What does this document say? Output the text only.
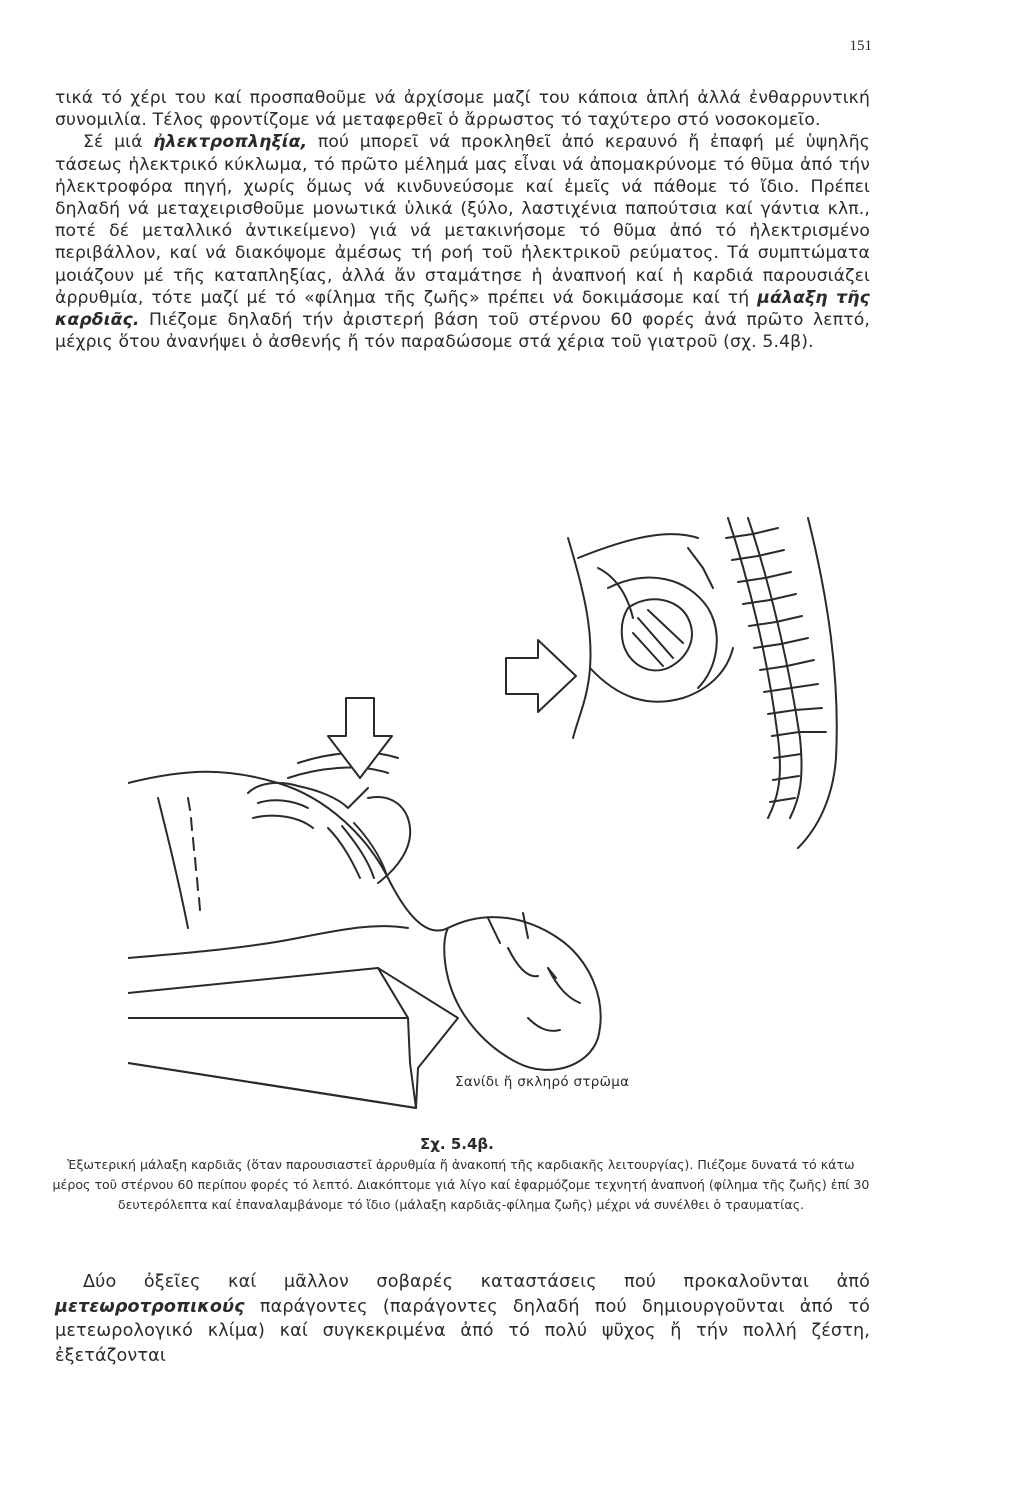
151

τικά τό χέρι του καί προσπαθοῦμε νά ἀρχίσομε μαζί του κάποια ἁπλή ἀλλά ἐνθαρρυντική συνομιλία. Τέλος φροντίζομε νά μεταφερθεῖ ὁ ἄρρωστος τό ταχύτερο στό νοσοκομεῖο.

Σέ μιά ἠλεκτροπληξία, πού μπορεῖ νά προκληθεῖ ἀπό κεραυνό ἤ ἐπαφή μέ ὑψηλῆς τάσεως ἠλεκτρικό κύκλωμα, τό πρῶτο μέλημά μας εἶναι νά ἀπομακρύνομε τό θῦμα ἀπό τήν ἠλεκτροφόρα πηγή, χωρίς ὅμως νά κινδυνεύσομε καί ἐμεῖς νά πάθομε τό ἴδιο. Πρέπει δηλαδή νά μεταχειρισθοῦμε μονωτικά ὑλικά (ξύλο, λαστιχένια παπούτσια καί γάντια κλπ., ποτέ δέ μεταλλικό ἀντικείμενο) γιά νά μετακινήσομε τό θῦμα ἀπό τό ἠλεκτρισμένο περιβάλλον, καί νά διακόψομε ἀμέσως τή ροή τοῦ ἠλεκτρικοῦ ρεύματος. Τά συμπτώματα μοιάζουν μέ τῆς καταπληξίας, ἀλλά ἄν σταμάτησε ἡ ἀναπνοή καί ἡ καρδιά παρουσιάζει ἀρρυθμία, τότε μαζί μέ τό «φίλημα τῆς ζωῆς» πρέπει νά δοκιμάσομε καί τή μάλαξη τῆς καρδιᾶς. Πιέζομε δηλαδή τήν ἀριστερή βάση τοῦ στέρνου 60 φορές ἀνά πρῶτο λεπτό, μέχρις ὅτου ἀνανήψει ὁ ἀσθενής ἤ τόν παραδώσομε στά χέρια τοῦ γιατροῦ (σχ. 5.4β).

Σανίδι ἤ σκληρό στρῶμα
Σχ. 5.4β.
Ἐξωτερική μάλαξη καρδιᾶς (ὅταν παρουσιαστεῖ ἀρρυθμία ἤ ἀνακοπή τῆς καρδιακῆς λειτουργίας). Πιέζομε δυνατά τό κάτω μέρος τοῦ στέρνου 60 περίπου φορές τό λεπτό. Διακόπτομε γιά λίγο καί ἐφαρμόζομε τεχνητή ἀναπνοή (φίλημα τῆς ζωῆς) ἐπί 30 δευτερόλεπτα καί ἐπαναλαμβάνομε τό ἴδιο (μάλαξη καρδιᾶς-φίλημα ζωῆς) μέχρι νά συνέλθει ὁ τραυματίας.

Δύο ὀξεῖες καί μᾶλλον σοβαρές καταστάσεις πού προκαλοῦνται ἀπό μετεωροτροπικούς παράγοντες (παράγοντες δηλαδή πού δημιουργοῦνται ἀπό τό μετεωρολογικό κλίμα) καί συγκεκριμένα ἀπό τό πολύ ψῦχος ἤ τήν πολλή ζέστη, ἐξετάζονται
